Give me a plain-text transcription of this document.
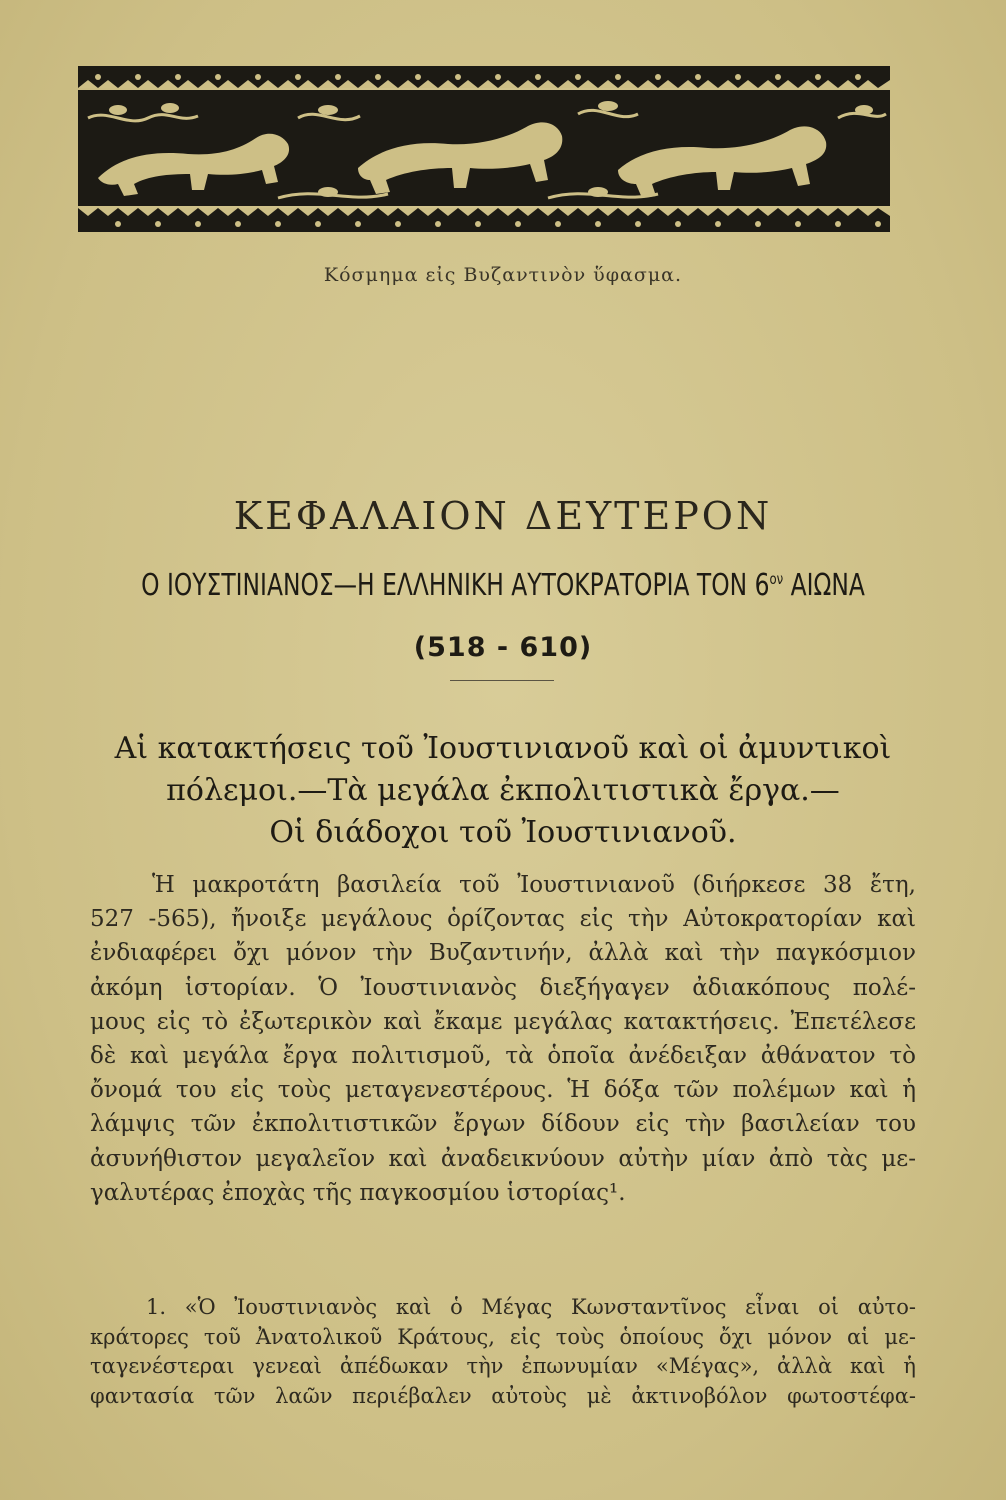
Κόσμημα εἰς Βυζαντινὸν ὕφασμα.
ΚΕΦΑΛΑΙΟΝ ΔΕΥΤΕΡΟΝ
Ο ΙΟΥΣΤΙΝΙΑΝΟΣ—Η ΕΛΛΗΝΙΚΗ ΑΥΤΟΚΡΑΤΟΡΙΑ ΤΟΝ $6^{o\nu}$ ΑΙΩΝΑ
(518 - 610)
Αἱ κατακτήσεις τοῦ Ἰουστινιανοῦ καὶ οἱ ἀμυντικοὶ
πόλεμοι.—Τὰ μεγάλα ἐκπολιτιστικὰ ἔργα.—
Οἱ διάδοχοι τοῦ Ἰουστινιανοῦ.
Ἡ μακροτάτη βασιλεία τοῦ Ἰουστινιανοῦ (διήρκεσε 38 ἔτη,
527 -565), ἤνοιξε μεγάλους ὁρίζοντας εἰς τὴν Αὐτοκρατορίαν καὶ
ἐνδιαφέρει ὄχι μόνον τὴν Βυζαντινήν, ἀλλὰ καὶ τὴν παγκόσμιον
ἀκόμη ἱστορίαν. Ὁ Ἰουστινιανὸς διεξήγαγεν ἀδιακόπους πολέ-
μους εἰς τὸ ἐξωτερικὸν καὶ ἔκαμε μεγάλας κατακτήσεις. Ἐπετέλεσε
δὲ καὶ μεγάλα ἔργα πολιτισμοῦ, τὰ ὁποῖα ἀνέδειξαν ἀθάνατον τὸ
ὄνομά του εἰς τοὺς μεταγενεστέρους. Ἡ δόξα τῶν πολέμων καὶ ἡ
λάμψις τῶν ἐκπολιτιστικῶν ἔργων δίδουν εἰς τὴν βασιλείαν του
ἀσυνήθιστον μεγαλεῖον καὶ ἀναδεικνύουν αὐτὴν μίαν ἀπὸ τὰς με-
γαλυτέρας ἐποχὰς τῆς παγκοσμίου ἱστορίας¹.
1. «Ὁ Ἰουστινιανὸς καὶ ὁ Μέγας Κωνσταντῖνος εἶναι οἱ αὐτο-
κράτορες τοῦ Ἀνατολικοῦ Κράτους, εἰς τοὺς ὁποίους ὄχι μόνον αἱ με-
ταγενέστεραι γενεαὶ ἀπέδωκαν τὴν ἐπωνυμίαν «Μέγας», ἀλλὰ καὶ ἡ
φαντασία τῶν λαῶν περιέβαλεν αὐτοὺς μὲ ἀκτινοβόλον φωτοστέφα-
